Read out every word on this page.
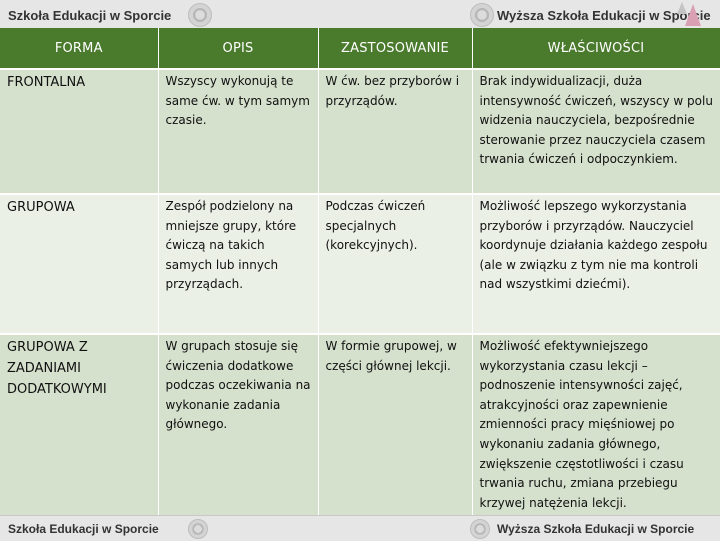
Szkoła Edukacji w Sporcie	Wyższa Szkoła Edukacji w Sporcie
FORMA	OPIS	ZASTOSOWANIE	WŁAŚCIWOŚCI
FRONTALNA	Wszyscy wykonują te same ćw. w tym samym czasie.	W ćw. bez przyborów i przyrządów.	Brak indywidualizacji, duża intensywność ćwiczeń, wszyscy w polu widzenia nauczyciela, bezpośrednie sterowanie przez nauczyciela czasem trwania ćwiczeń i odpoczynkiem.
GRUPOWA	Zespół podzielony na mniejsze grupy, które ćwiczą na takich samych lub innych przyrządach.	Podczas ćwiczeń specjalnych (korekcyjnych).	Możliwość lepszego wykorzystania przyborów i przyrządów. Nauczyciel koordynuje działania każdego zespołu (ale w związku z tym nie ma kontroli nad wszystkimi dziećmi).
GRUPOWA Z ZADANIAMI DODATKOWYMI	W grupach stosuje się ćwiczenia dodatkowe podczas oczekiwania na wykonanie zadania głównego.	W formie grupowej, w części głównej lekcji.	Możliwość efektywniejszego wykorzystania czasu lekcji – podnoszenie intensywności zajęć, atrakcyjności oraz zapewnienie zmienności pracy mięśniowej po wykonaniu zadania głównego, zwiększenie częstotliwości i czasu trwania ruchu, zmiana przebiegu krzywej natężenia lekcji.
Szkoła Edukacji w Sporcie	Wyższa Szkoła Edukacji w Sporcie
